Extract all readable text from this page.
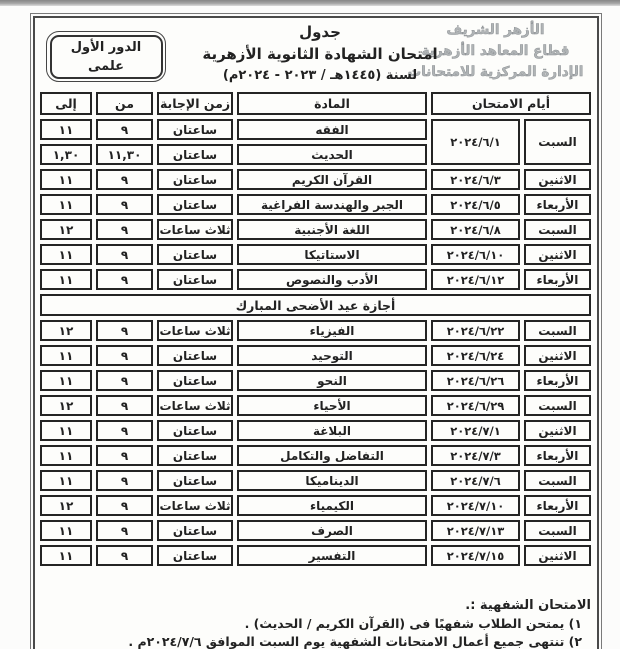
الأزهر الشريف
قطاع المعاهد الأزهرية
الإدارة المركزية للامتحانات
جدول
امتحان الشهادة الثانوية الأزهرية
لسنة (١٤٤٥هـ / ٢٠٢٣ - ٢٠٢٤م)
الدور الأول
علمى
أيام الامتحان		المادة	زمن الإجابة	من	إلى
السبت	٢٠٢٤/٦/١	الفقه	ساعتان	٩	١١
		الحديث	ساعتان	١١,٣٠	١,٣٠
الاثنين	٢٠٢٤/٦/٣	القرآن الكريم	ساعتان	٩	١١
الأربعاء	٢٠٢٤/٦/٥	الجبر والهندسة الفراغية	ساعتان	٩	١١
السبت	٢٠٢٤/٦/٨	اللغة الأجنبية	ثلاث ساعات	٩	١٢
الاثنين	٢٠٢٤/٦/١٠	الاستاتيكا	ساعتان	٩	١١
الأربعاء	٢٠٢٤/٦/١٢	الأدب والنصوص	ساعتان	٩	١١
أجازة عيد الأضحى المبارك					
السبت	٢٠٢٤/٦/٢٢	الفيزياء	ثلاث ساعات	٩	١٢
الاثنين	٢٠٢٤/٦/٢٤	التوحيد	ساعتان	٩	١١
الأربعاء	٢٠٢٤/٦/٢٦	النحو	ساعتان	٩	١١
السبت	٢٠٢٤/٦/٢٩	الأحياء	ثلاث ساعات	٩	١٢
الاثنين	٢٠٢٤/٧/١	البلاغة	ساعتان	٩	١١
الأربعاء	٢٠٢٤/٧/٣	التفاضل والتكامل	ساعتان	٩	١١
السبت	٢٠٢٤/٧/٦	الديناميكا	ساعتان	٩	١١
الأربعاء	٢٠٢٤/٧/١٠	الكيمياء	ثلاث ساعات	٩	١٢
السبت	٢٠٢٤/٧/١٣	الصرف	ساعتان	٩	١١
الاثنين	٢٠٢٤/٧/١٥	التفسير	ساعتان	٩	١١
الامتحان الشفهية :.
١) يمتحن الطلاب شفهيًا فى (القرآن الكريم / الحديث) .
٢) تنتهى جميع أعمال الامتحانات الشفهية يوم السبت الموافق ٢٠٢٤/٧/٦م .
